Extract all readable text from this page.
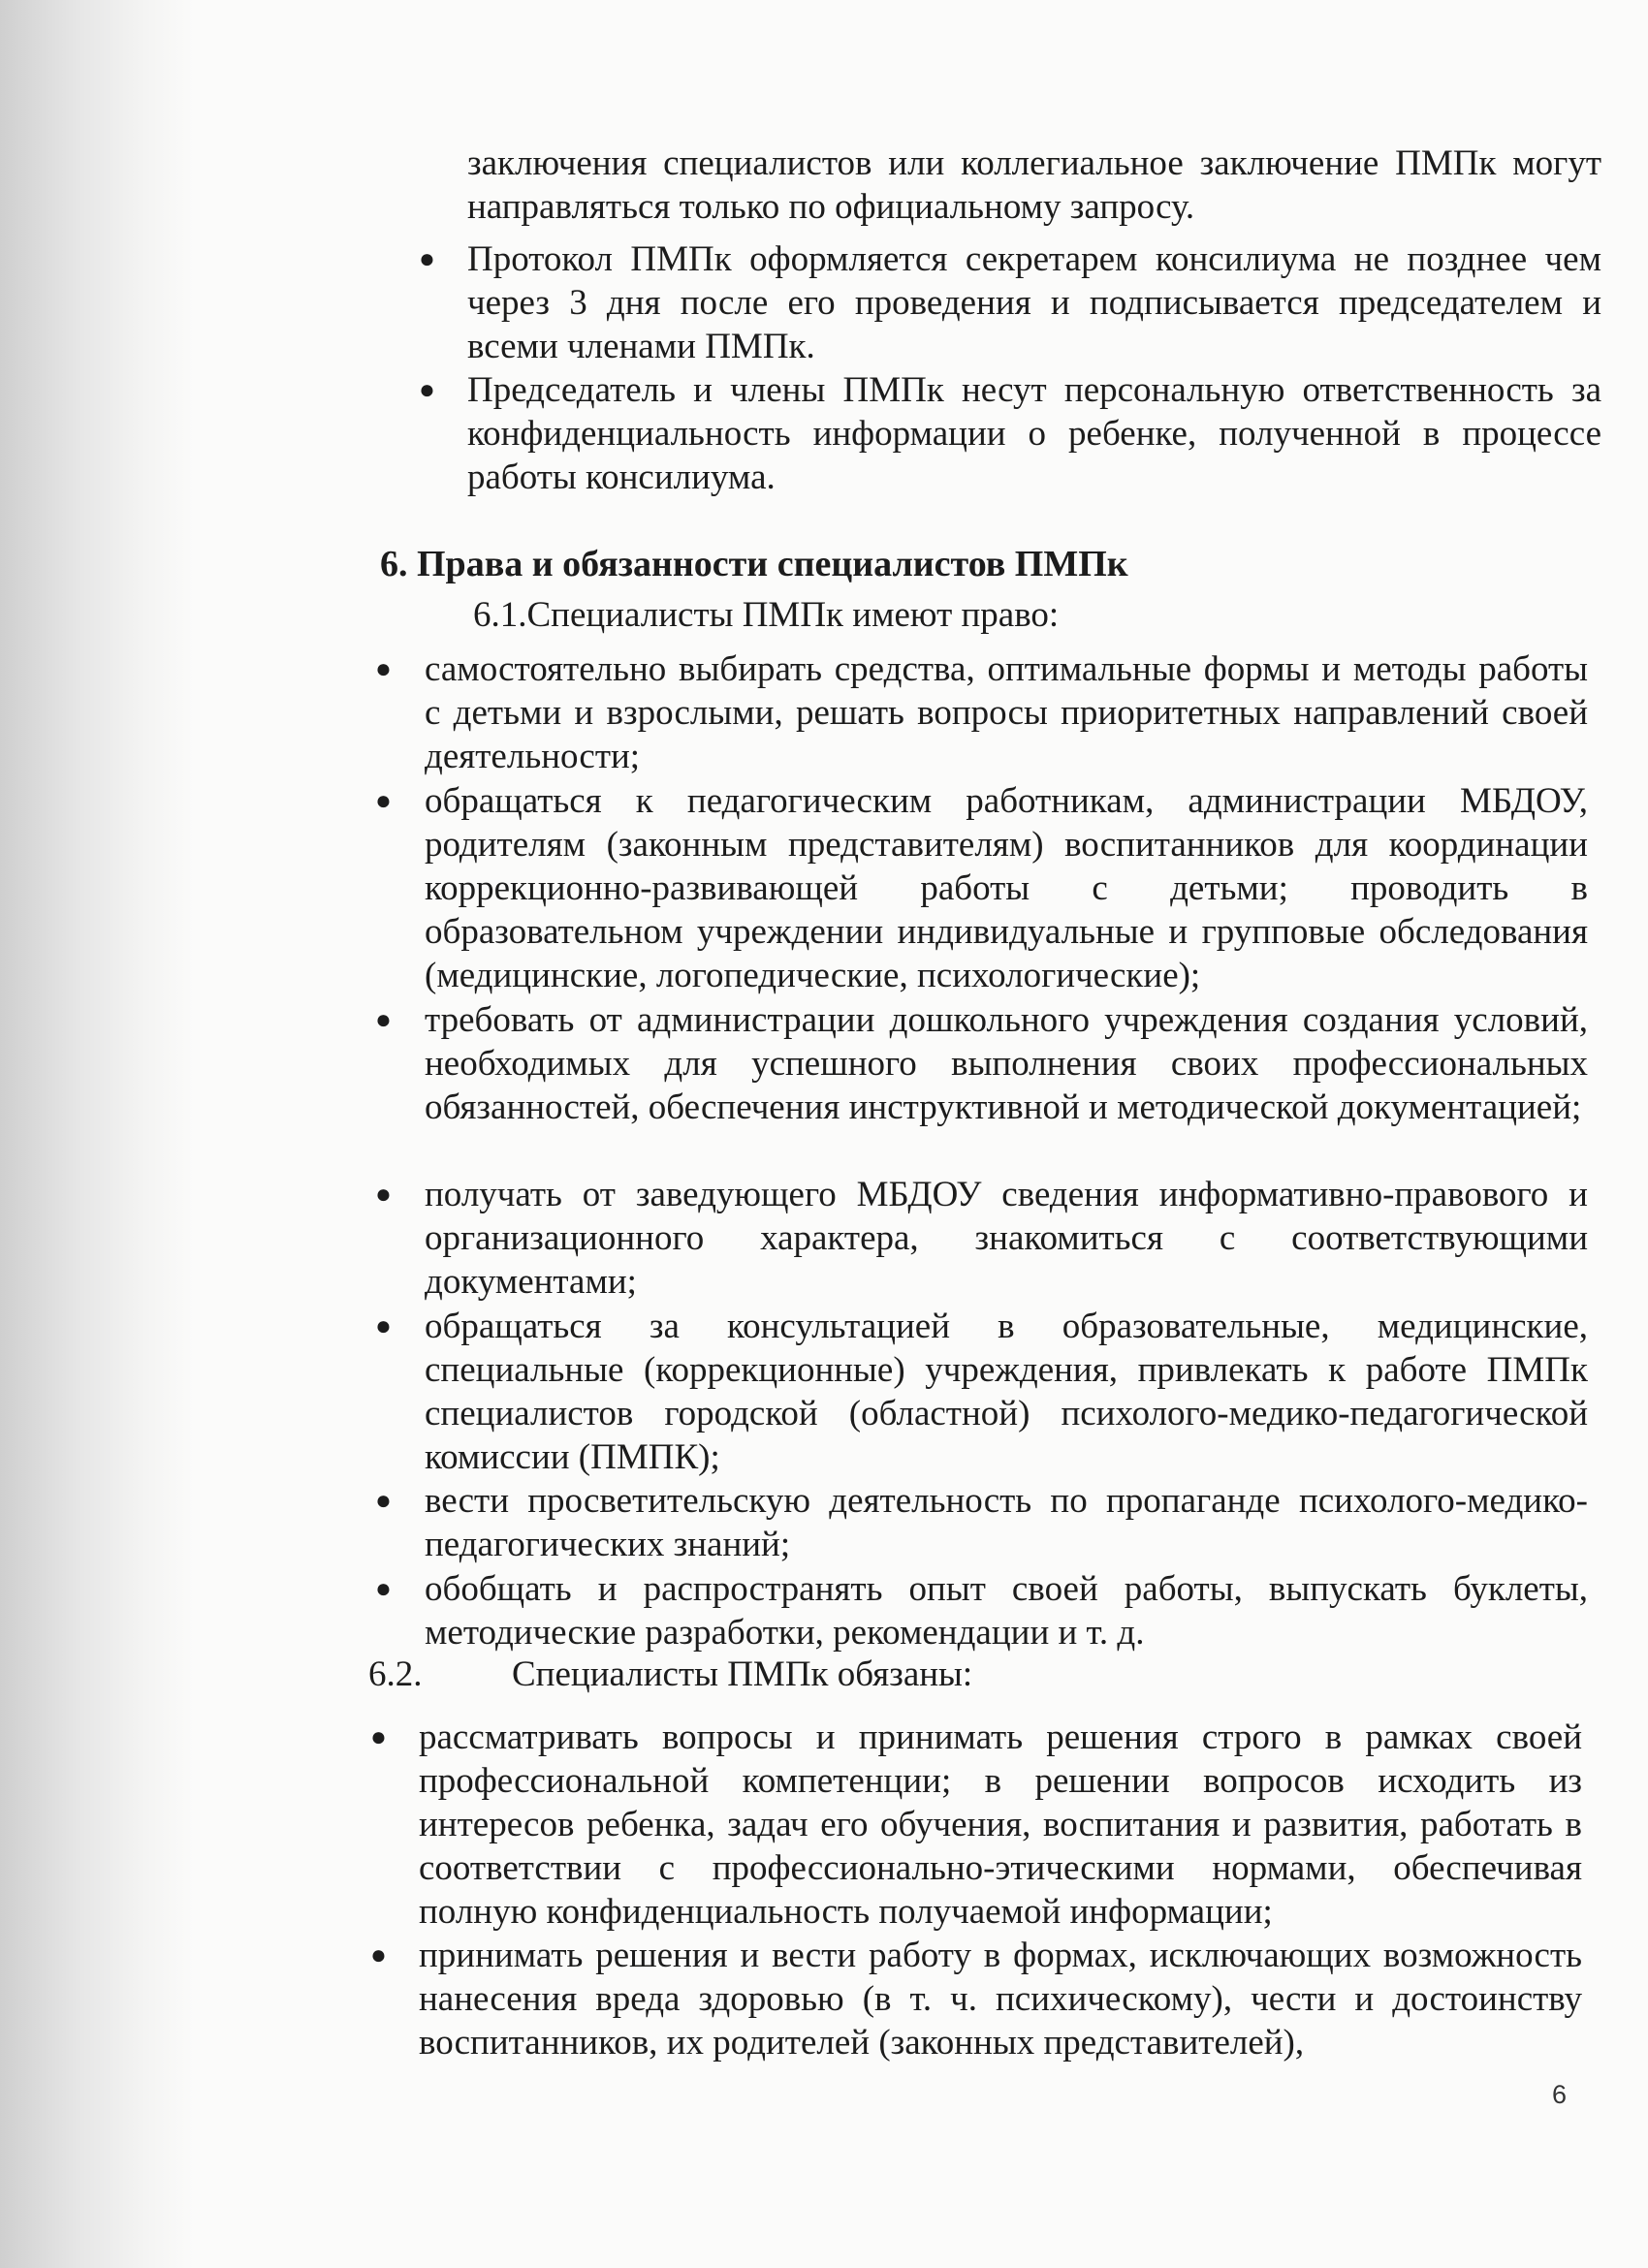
заключения специалистов или коллегиальное заключение ПМПк могут направляться только по официальному запросу.
● Протокол ПМПк оформляется секретарем консилиума не позднее чем через 3 дня после его проведения и подписывается председателем и всеми членами ПМПк.
● Председатель и члены ПМПк несут персональную ответственность за конфиденциальность информации о ребенке, полученной в процессе работы консилиума.
6. Права и обязанности специалистов ПМПк
6.1.Специалисты ПМПк имеют право:
● самостоятельно выбирать средства, оптимальные формы и методы работы с детьми и взрослыми, решать вопросы приоритетных направлений своей деятельности;
● обращаться к педагогическим работникам, администрации МБДОУ, родителям (законным представителям) воспитанников для координации коррекционно-развивающей работы с детьми; проводить в образовательном учреждении индивидуальные и групповые обследования (медицинские, логопедические, психологические);
● требовать от администрации дошкольного учреждения создания условий, необходимых для успешного выполнения своих профессиональных обязанностей, обеспечения инструктивной и методической документацией;
● получать от заведующего МБДОУ сведения информативно-правового и организационного характера, знакомиться с соответствующими документами;
● обращаться за консультацией в образовательные, медицинские, специальные (коррекционные) учреждения, привлекать к работе ПМПк специалистов городской (областной) психолого-медико-педагогической комиссии (ПМПК);
● вести просветительскую деятельность по пропаганде психолого-медико-педагогических знаний;
● обобщать и распространять опыт своей работы, выпускать буклеты, методические разработки, рекомендации и т. д.
6.2.	Специалисты ПМПк обязаны:
● рассматривать вопросы и принимать решения строго в рамках своей профессиональной компетенции; в решении вопросов исходить из интересов ребенка, задач его обучения, воспитания и развития, работать в соответствии с профессионально-этическими нормами, обеспечивая полную конфиденциальность получаемой информации;
● принимать решения и вести работу в формах, исключающих возможность нанесения вреда здоровью (в т. ч. психическому), чести и достоинству воспитанников, их родителей (законных представителей),
6
